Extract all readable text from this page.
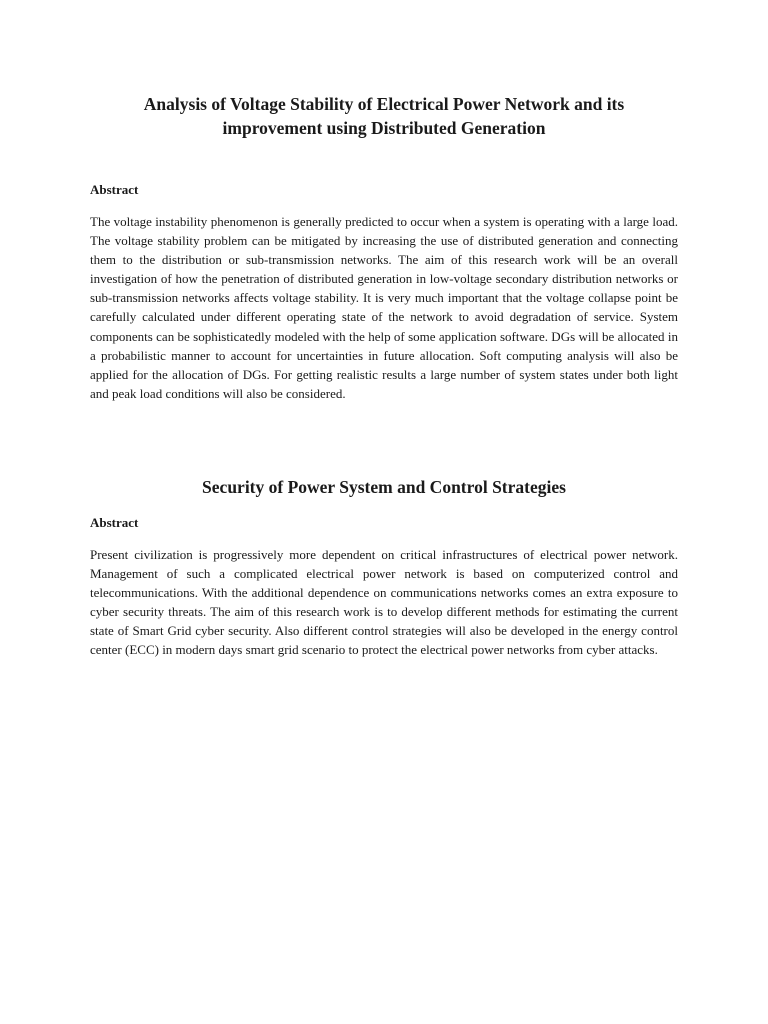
Analysis of Voltage Stability of Electrical Power Network and its
improvement using Distributed Generation
Abstract

The voltage instability phenomenon is generally predicted to occur when a system is operating with a large load. The voltage stability problem can be mitigated by increasing the use of distributed generation and connecting them to the distribution or sub-transmission networks. The aim of this research work will be an overall investigation of how the penetration of distributed generation in low-voltage secondary distribution networks or sub-transmission networks affects voltage stability. It is very much important that the voltage collapse point be carefully calculated under different operating state of the network to avoid degradation of service. System components can be sophisticatedly modeled with the help of some application software. DGs will be allocated in a probabilistic manner to account for uncertainties in future allocation. Soft computing analysis will also be applied for the allocation of DGs. For getting realistic results a large number of system states under both light and peak load conditions will also be considered.

Security of Power System and Control Strategies
Abstract

Present civilization is progressively more dependent on critical infrastructures of electrical power network. Management of such a complicated electrical power network is based on computerized control and telecommunications. With the additional dependence on communications networks comes an extra exposure to cyber security threats. The aim of this research work is to develop different methods for estimating the current state of Smart Grid cyber security. Also different control strategies will also be developed in the energy control center (ECC) in modern days smart grid scenario to protect the electrical power networks from cyber attacks.
